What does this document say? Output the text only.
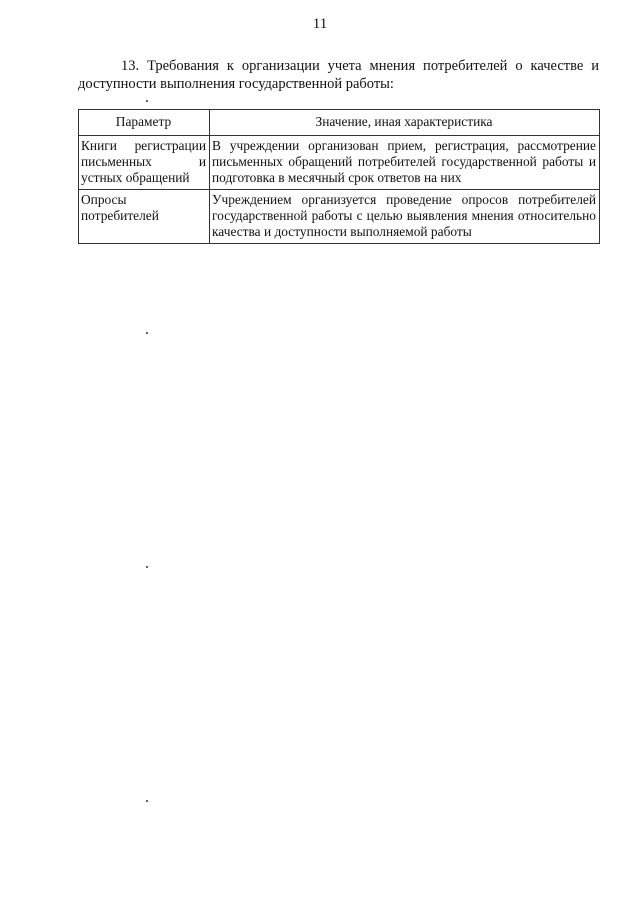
11
13. Требования к организации учета мнения потребителей о качестве и
доступности выполнения государственной работы:
Параметр	Значение, иная характеристика
Книги регистрации письменных и устных обращений	В учреждении организован прием, регистрация, рассмотрение письменных обращений потребителей государственной работы и подготовка в месячный срок ответов на них
Опросы потребителей	Учреждением организуется проведение опросов потребителей государственной работы с целью выявления мнения относительно качества и доступности выполняемой работы
